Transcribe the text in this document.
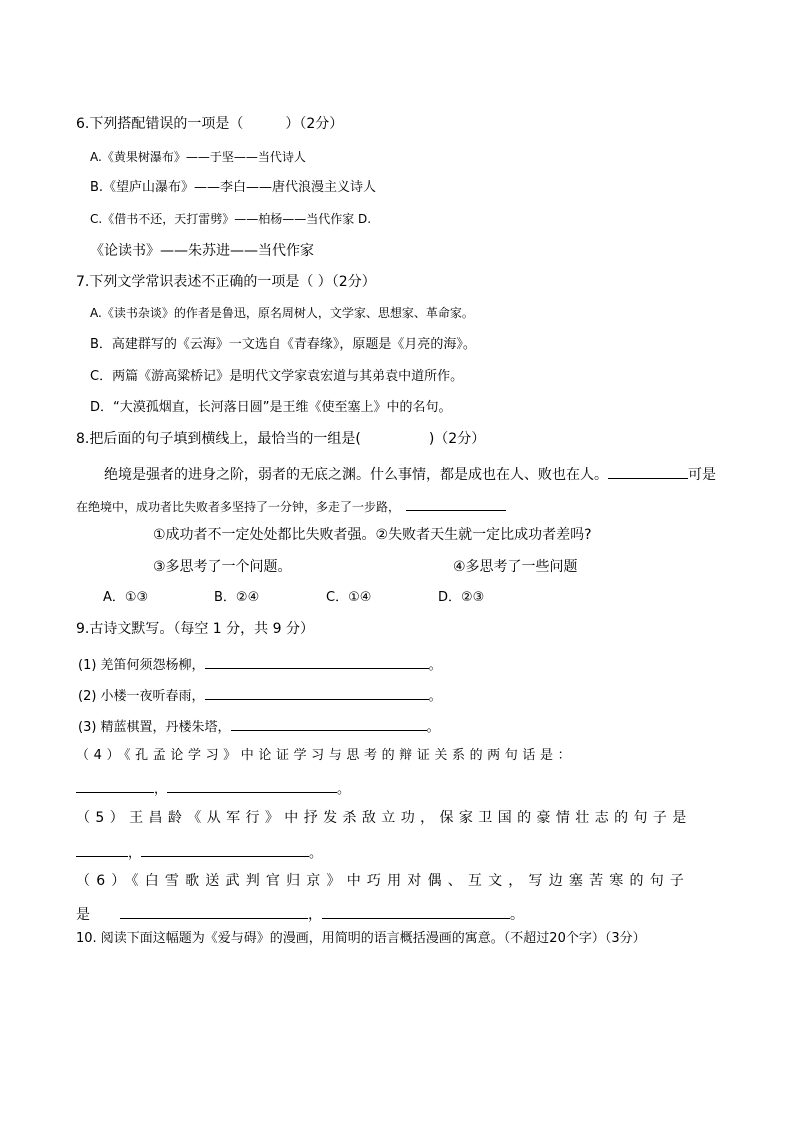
6.下列搭配错误的一项是（	）（2分）
A.《黄果树瀑布》——于坚——当代诗人
B.《望庐山瀑布》——李白——唐代浪漫主义诗人
C.《借书不还，天打雷劈》——柏杨——当代作家 D.
《论读书》——朱苏进——当代作家
7.下列文学常识表述不正确的一项是（ ）（2分）
A.《读书杂谈》的作者是鲁迅，原名周树人，文学家、思想家、革命家。
B．高建群写的《云海》一文选自《青春缘》，原题是《月亮的海》。
C．两篇《游高粱桥记》是明代文学家袁宏道与其弟袁中道所作。
D．“大漠孤烟直，长河落日圆”是王维《使至塞上》中的名句。
8.把后面的句子填到横线上，最恰当的一组是(	)（2分）
绝境是强者的进身之阶，弱者的无底之渊。什么事情，都是成也在人、败也在人。	可是
在绝境中，成功者比失败者多坚持了一分钟，多走了一步路，
①成功者不一定处处都比失败者强。②失败者天生就一定比成功者差吗?
③多思考了一个问题。	④多思考了一些问题
A．①③	B．②④	C．①④	D．②③
9.古诗文默写。（每空 1 分，共 9 分）
(1) 羌笛何须怨杨柳，	。
(2) 小楼一夜听春雨，	。
(3) 精蓝棋置，丹楼朱塔，	。
（4）《孔孟论学习》中论证学习与思考的辩证关系的两句话是：
，	。
（5）王昌龄《从军行》中抒发杀敌立功，保家卫国的豪情壮志的句子是
，	。
（6）《白雪歌送武判官归京》中巧用对偶、互文，写边塞苦寒的句子
是	，	。
10. 阅读下面这幅题为《爱与碍》的漫画，用简明的语言概括漫画的寓意。（不超过20个字）（3分）
